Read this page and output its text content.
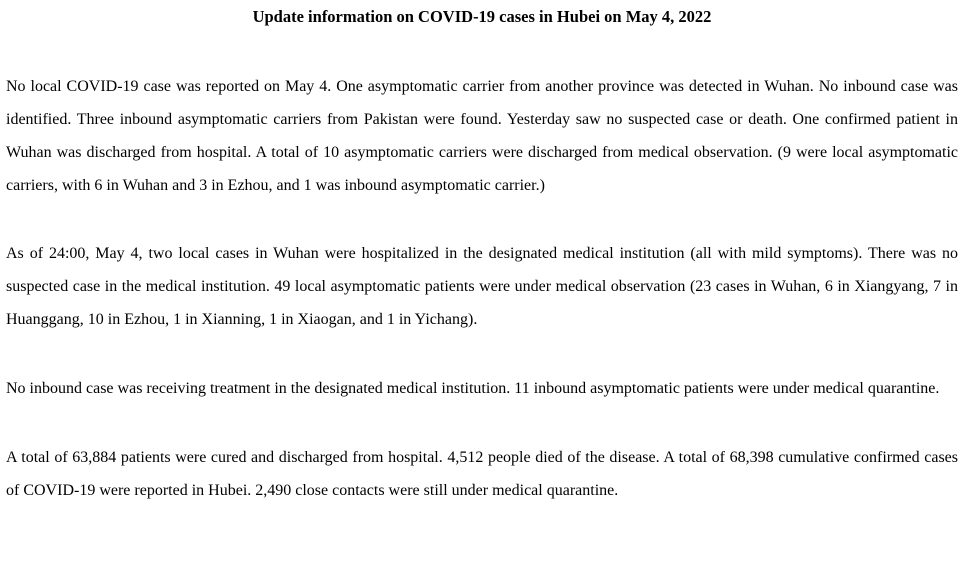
Update information on COVID-19 cases in Hubei on May 4, 2022

No local COVID-19 case was reported on May 4. One asymptomatic carrier from another province was detected in Wuhan. No inbound case was identified. Three inbound asymptomatic carriers from Pakistan were found. Yesterday saw no suspected case or death. One confirmed patient in Wuhan was discharged from hospital. A total of 10 asymptomatic carriers were discharged from medical observation. (9 were local asymptomatic carriers, with 6 in Wuhan and 3 in Ezhou, and 1 was inbound asymptomatic carrier.)

As of 24:00, May 4, two local cases in Wuhan were hospitalized in the designated medical institution (all with mild symptoms). There was no suspected case in the medical institution. 49 local asymptomatic patients were under medical observation (23 cases in Wuhan, 6 in Xiangyang, 7 in Huanggang, 10 in Ezhou, 1 in Xianning, 1 in Xiaogan, and 1 in Yichang).

No inbound case was receiving treatment in the designated medical institution. 11 inbound asymptomatic patients were under medical quarantine.

A total of 63,884 patients were cured and discharged from hospital. 4,512 people died of the disease. A total of 68,398 cumulative confirmed cases of COVID-19 were reported in Hubei. 2,490 close contacts were still under medical quarantine.
